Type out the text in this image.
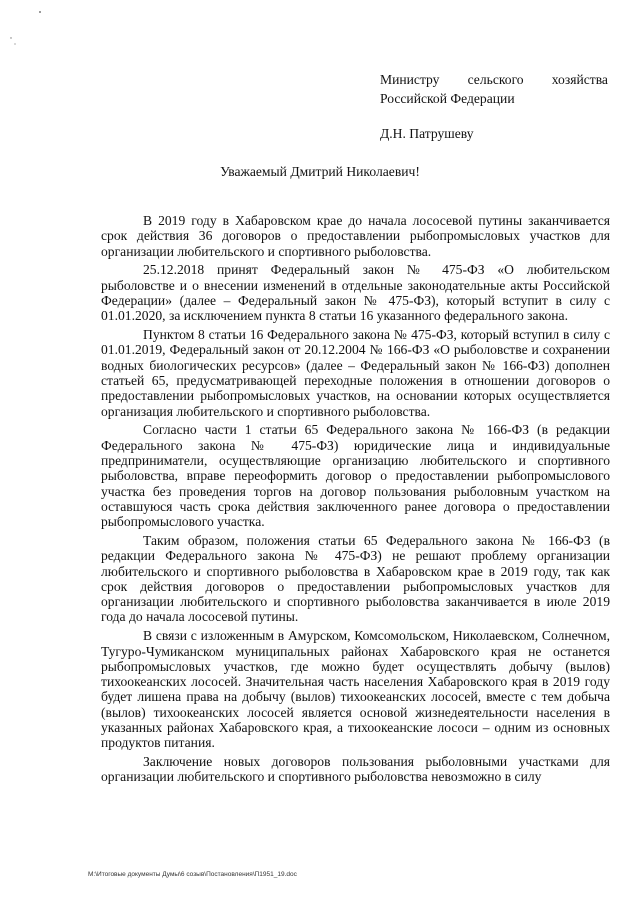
Министру сельского хозяйства
Российской Федерации
Д.Н. Патрушеву
Уважаемый Дмитрий Николаевич!

В 2019 году в Хабаровском крае до начала лососевой путины заканчивается срок действия 36 договоров о предоставлении рыбопромысловых участков для организации любительского и спортивного рыболовства.

25.12.2018 принят Федеральный закон № 475-ФЗ «О любительском рыболовстве и о внесении изменений в отдельные законодательные акты Российской Федерации» (далее – Федеральный закон № 475-ФЗ), который вступит в силу с 01.01.2020, за исключением пункта 8 статьи 16 указанного федерального закона.

Пунктом 8 статьи 16 Федерального закона № 475-ФЗ, который вступил в силу с 01.01.2019, Федеральный закон от 20.12.2004 № 166-ФЗ «О рыболовстве и сохранении водных биологических ресурсов» (далее – Федеральный закон № 166-ФЗ) дополнен статьей 65, предусматривающей переходные положения в отношении договоров о предоставлении рыбопромысловых участков, на основании которых осуществляется организация любительского и спортивного рыболовства.

Согласно части 1 статьи 65 Федерального закона № 166-ФЗ (в редакции Федерального закона № 475-ФЗ) юридические лица и индивидуальные предприниматели, осуществляющие организацию любительского и спортивного рыболовства, вправе переоформить договор о предоставлении рыбопромыслового участка без проведения торгов на договор пользования рыболовным участком на оставшуюся часть срока действия заключенного ранее договора о предоставлении рыбопромыслового участка.

Таким образом, положения статьи 65 Федерального закона № 166-ФЗ (в редакции Федерального закона № 475-ФЗ) не решают проблему организации любительского и спортивного рыболовства в Хабаровском крае в 2019 году, так как срок действия договоров о предоставлении рыбопромысловых участков для организации любительского и спортивного рыболовства заканчивается в июле 2019 года до начала лососевой путины.

В связи с изложенным в Амурском, Комсомольском, Николаевском, Солнечном, Тугуро-Чумиканском муниципальных районах Хабаровского края не останется рыбопромысловых участков, где можно будет осуществлять добычу (вылов) тихоокеанских лососей. Значительная часть населения Хабаровского края в 2019 году будет лишена права на добычу (вылов) тихоокеанских лососей, вместе с тем добыча (вылов) тихоокеанских лососей является основой жизнедеятельности населения в указанных районах Хабаровского края, а тихоокеанские лососи – одним из основных продуктов питания.

Заключение новых договоров пользования рыболовными участками для организации любительского и спортивного рыболовства невозможно в силу

М:\Итоговые документы Думы\6 созыв\Постановления\П1951_19.doc
